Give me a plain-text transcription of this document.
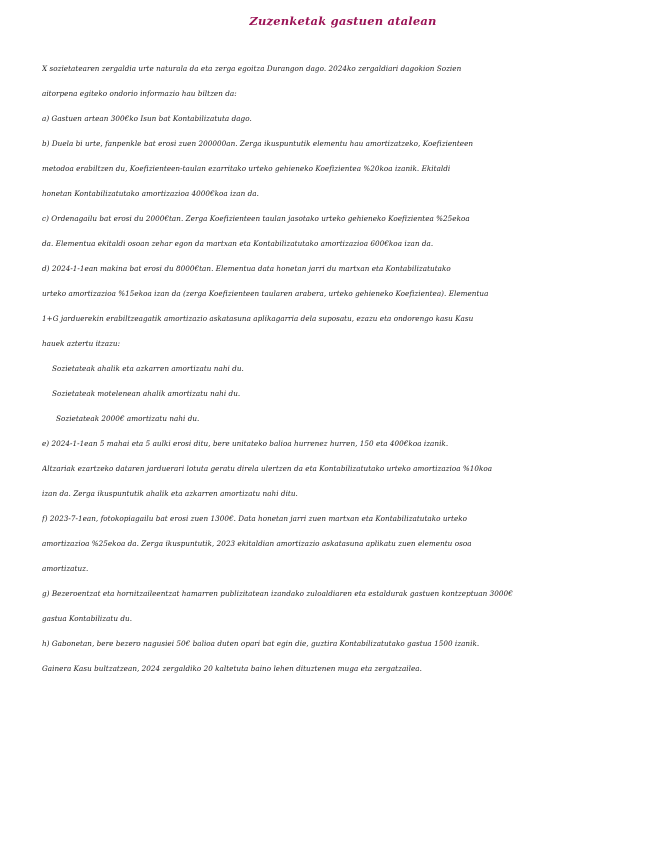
Zuzenketak gastuen atalean

X sozietatearen zergaldia urte naturala da eta zerga egoitza Durangon dago. 2024ko zergaldiari dagokion Sozien
aitorpena egiteko ondorio informazio hau biltzen da:

a) Gastuen artean 300€ko Isun bat Kontabilizatuta dago.

b) Duela bi urte, fanpenkle bat erosi zuen 200000an. Zerga ikuspuntutik elementu hau amortizatzeko, Koefizienteen
metodoa erabiltzen du, Koefizienteen-taulan ezarritako urteko gehieneko Koefizientea %20koa izanik. Ekitaldi
honetan Kontabilizatutako amortizazioa 4000€koa izan da.

c) Ordenagailu bat erosi du 2000€tan. Zerga Koefizienteen taulan jasotako urteko gehieneko Koefizientea %25ekoa
da. Elementua ekitaldi osoan zehar egon da martxan eta Kontabilizatutako amortizazioa 600€koa izan da.

d) 2024-1-1ean makina bat erosi du 8000€tan. Elementua data honetan jarri du martxan eta Kontabilizatutako
urteko amortizazioa %15ekoa izan da (zerga Koefizienteen taularen arabera, urteko gehieneko Koefizientea). Elementua
1+G jarduerekin erabiltzeagatik amortizazio askatasuna aplikagarria dela suposatu, ezazu eta ondorengo kasu Kasu
hauek aztertu itzazu:

Sozietateak ahalik eta azkarren amortizatu nahi du.

Sozietateak motelenean ahalik amortizatu nahi du.

Sozietateak 2000€ amortizatu nahi du.

e) 2024-1-1ean 5 mahai eta 5 aulki erosi ditu, bere unitateko balioa hurrenez hurren, 150 eta 400€koa izanik.
Altzariak ezartzeko dataren jarduerari lotuta geratu direla ulertzen da eta Kontabilizatutako urteko amortizazioa %10koa
izan da. Zerga ikuspuntutik ahalik eta azkarren amortizatu nahi ditu.

f) 2023-7-1ean, fotokopiagailu bat erosi zuen 1300€. Data honetan jarri zuen martxan eta Kontabilizatutako urteko
amortizazioa %25ekoa da. Zerga ikuspuntutik, 2023 ekitaldian amortizazio askatasuna aplikatu zuen elementu osoa
amortizatuz.

g) Bezeroentzat eta hornitzaileentzat hamarren publizitatean izandako zuloaldiaren eta estaldurak gastuen kontzeptuan 3000€
gastua Kontabilizatu du.

h) Gabonetan, bere bezero nagusiei 50€ balioa duten opari bat egin die, guztira Kontabilizatutako gastua 1500 izanik.
Gainera Kasu bultzatzean, 2024 zergaldiko 20 kaltetuta baino lehen dituztenen muga eta zergatzailea.
